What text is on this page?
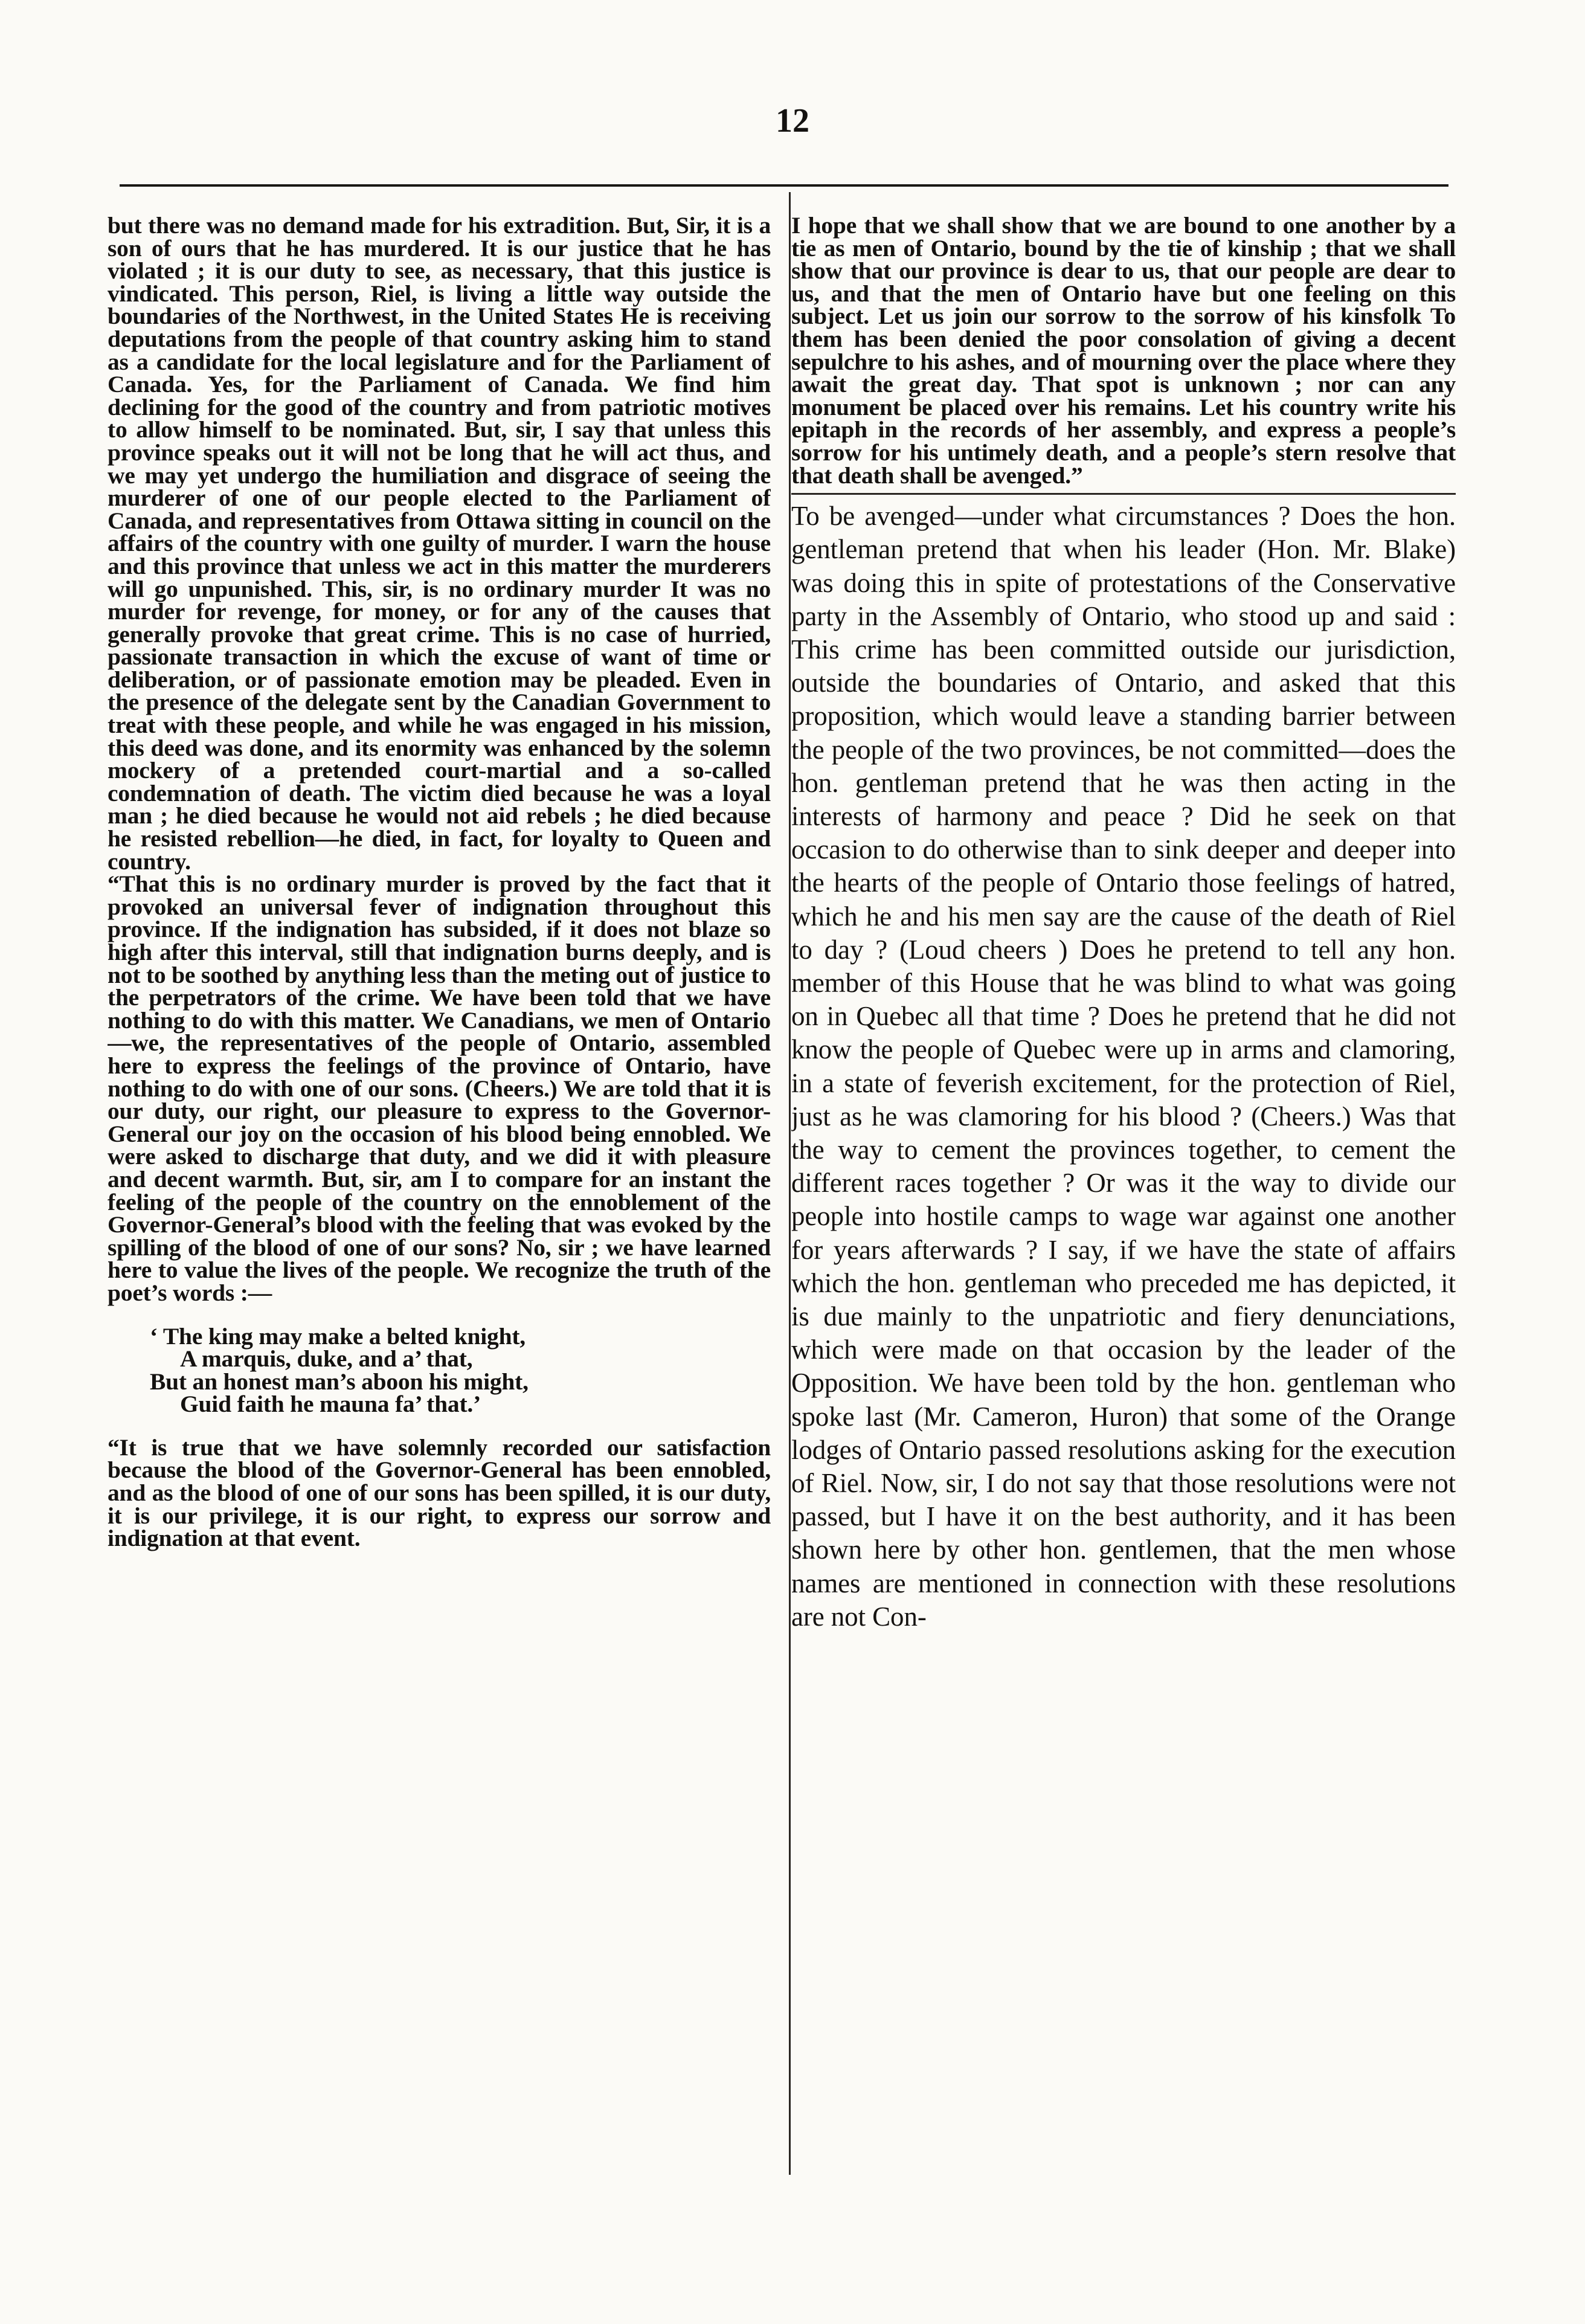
12

but there was no demand made for his extradition. But, Sir, it is a son of ours that he has murdered. It is our justice that he has violated ; it is our duty to see, as necessary, that this justice is vindicated. This person, Riel, is living a little way outside the boundaries of the Northwest, in the United States He is receiving deputations from the people of that country asking him to stand as a candidate for the local legislature and for the Parliament of Canada. Yes, for the Parliament of Canada. We find him declining for the good of the country and from patriotic motives to allow himself to be nominated. But, sir, I say that unless this province speaks out it will not be long that he will act thus, and we may yet undergo the humiliation and disgrace of seeing the murderer of one of our people elected to the Parliament of Canada, and representatives from Ottawa sitting in council on the affairs of the country with one guilty of murder. I warn the house and this province that unless we act in this matter the murderers will go unpunished. This, sir, is no ordinary murder It was no murder for revenge, for money, or for any of the causes that generally provoke that great crime. This is no case of hurried, passionate transaction in which the excuse of want of time or deliberation, or of passionate emotion may be pleaded. Even in the presence of the delegate sent by the Canadian Government to treat with these people, and while he was engaged in his mission, this deed was done, and its enormity was enhanced by the solemn mockery of a pretended court-martial and a so-called condemnation of death. The victim died because he was a loyal man ; he died because he would not aid rebels ; he died because he resisted rebellion—he died, in fact, for loyalty to Queen and country.

“That this is no ordinary murder is proved by the fact that it provoked an universal fever of indignation throughout this province. If the indignation has subsided, if it does not blaze so high after this interval, still that indignation burns deeply, and is not to be soothed by anything less than the meting out of justice to the perpetrators of the crime. We have been told that we have nothing to do with this matter. We Canadians, we men of Ontario—we, the representatives of the people of Ontario, assembled here to express the feelings of the province of Ontario, have nothing to do with one of our sons. (Cheers.) We are told that it is our duty, our right, our pleasure to express to the Governor-General our joy on the occasion of his blood being ennobled. We were asked to discharge that duty, and we did it with pleasure and decent warmth. But, sir, am I to compare for an instant the feeling of the people of the country on the ennoblement of the Governor-General’s blood with the feeling that was evoked by the spilling of the blood of one of our sons? No, sir ; we have learned here to value the lives of the people. We recognize the truth of the poet’s words :—

‘ The king may make a belted knight,
A marquis, duke, and a’ that,
But an honest man’s aboon his might,
Guid faith he mauna fa’ that.’

“It is true that we have solemnly recorded our satisfaction because the blood of the Governor-General has been ennobled, and as the blood of one of our sons has been spilled, it is our duty, it is our privilege, it is our right, to express our sorrow and indignation at that event.

I hope that we shall show that we are bound to one another by a tie as men of Ontario, bound by the tie of kinship ; that we shall show that our province is dear to us, that our people are dear to us, and that the men of Ontario have but one feeling on this subject. Let us join our sorrow to the sorrow of his kinsfolk To them has been denied the poor consolation of giving a decent sepulchre to his ashes, and of mourning over the place where they await the great day. That spot is unknown ; nor can any monument be placed over his remains. Let his country write his epitaph in the records of her assembly, and express a people’s sorrow for his untimely death, and a people’s stern resolve that that death shall be avenged.”

To be avenged—under what circumstances ? Does the hon. gentleman pretend that when his leader (Hon. Mr. Blake) was doing this in spite of protestations of the Conservative party in the Assembly of Ontario, who stood up and said : This crime has been committed outside our jurisdiction, outside the boundaries of Ontario, and asked that this proposition, which would leave a standing barrier between the people of the two provinces, be not committed—does the hon. gentleman pretend that he was then acting in the interests of harmony and peace ? Did he seek on that occasion to do otherwise than to sink deeper and deeper into the hearts of the people of Ontario those feelings of hatred, which he and his men say are the cause of the death of Riel to day ? (Loud cheers ) Does he pretend to tell any hon. member of this House that he was blind to what was going on in Quebec all that time ? Does he pretend that he did not know the people of Quebec were up in arms and clamoring, in a state of feverish excitement, for the protection of Riel, just as he was clamoring for his blood ? (Cheers.) Was that the way to cement the provinces together, to cement the different races together ? Or was it the way to divide our people into hostile camps to wage war against one another for years afterwards ? I say, if we have the state of affairs which the hon. gentleman who preceded me has depicted, it is due mainly to the unpatriotic and fiery denunciations, which were made on that occasion by the leader of the Opposition. We have been told by the hon. gentleman who spoke last (Mr. Cameron, Huron) that some of the Orange lodges of Ontario passed resolutions asking for the execution of Riel. Now, sir, I do not say that those resolutions were not passed, but I have it on the best authority, and it has been shown here by other hon. gentlemen, that the men whose names are mentioned in connection with these resolutions are not Con-
